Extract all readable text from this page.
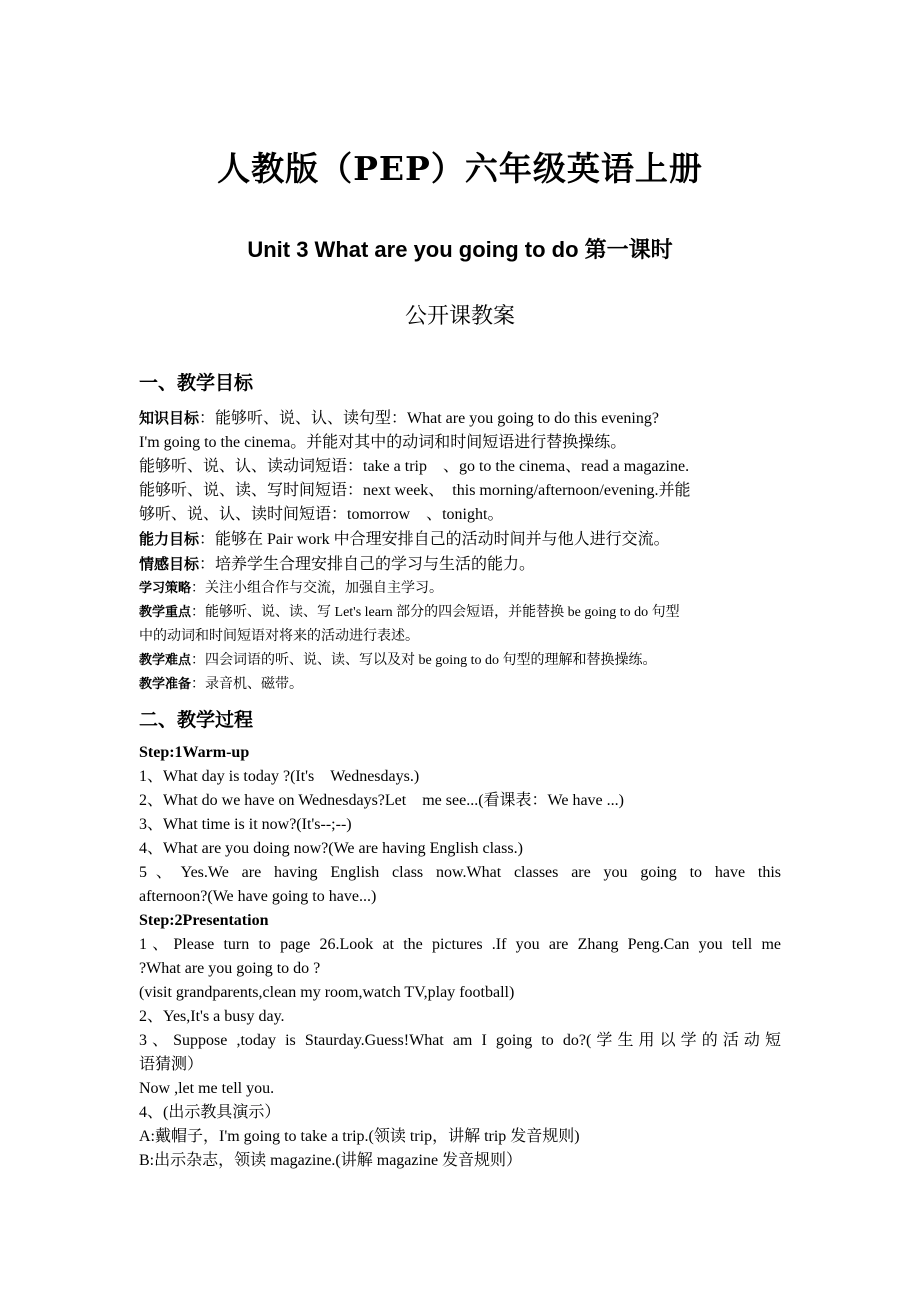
人教版（PEP）六年级英语上册
Unit 3 What are you going to do 第一课时
公开课教案
一、教学目标

知识目标：能够听、说、认、读句型：What are you going to do this evening?

I'm going to the cinema。并能对其中的动词和时间短语进行替换操练。

能够听、说、认、读动词短语：take a trip　、go to the cinema、read a magazine.

能够听、说、读、写时间短语：next week、　this morning/afternoon/evening.并能

够听、说、认、读时间短语：tomorrow　、tonight。

能力目标：能够在 Pair work 中合理安排自己的活动时间并与他人进行交流。

情感目标：培养学生合理安排自己的学习与生活的能力。

学习策略：关注小组合作与交流，加强自主学习。

教学重点：能够听、说、读、写 Let's learn 部分的四会短语，并能替换 be going to do 句型

中的动词和时间短语对将来的活动进行表述。

教学难点：四会词语的听、说、读、写以及对 be going to do 句型的理解和替换操练。

教学准备：录音机、磁带。

二、教学过程

Step:1Warm-up

1、What day is today ?(It's　Wednesdays.)

2、What do we have on Wednesdays?Let　me see...(看课表：We have ...)

3、What time is it now?(It's--;--)

4、What are you doing now?(We are having English class.)

5、Yes.We are having English class now.What classes are you going to have this

afternoon?(We have going to have...)

Step:2Presentation

1、Please turn to page 26.Look at the pictures .If you are Zhang Peng.Can you tell me

?What are you going to do ?

(visit grandparents,clean my room,watch TV,play football)

2、Yes,It's a busy day.

3、Suppose ,today is Staurday.Guess!What am I going to do?(学生用以学的活动短

语猜测）

Now ,let me tell you.

4、(出示教具演示）

A:戴帽子，I'm going to take a trip.(领读 trip，讲解 trip 发音规则)

B:出示杂志，领读 magazine.(讲解 magazine 发音规则）
